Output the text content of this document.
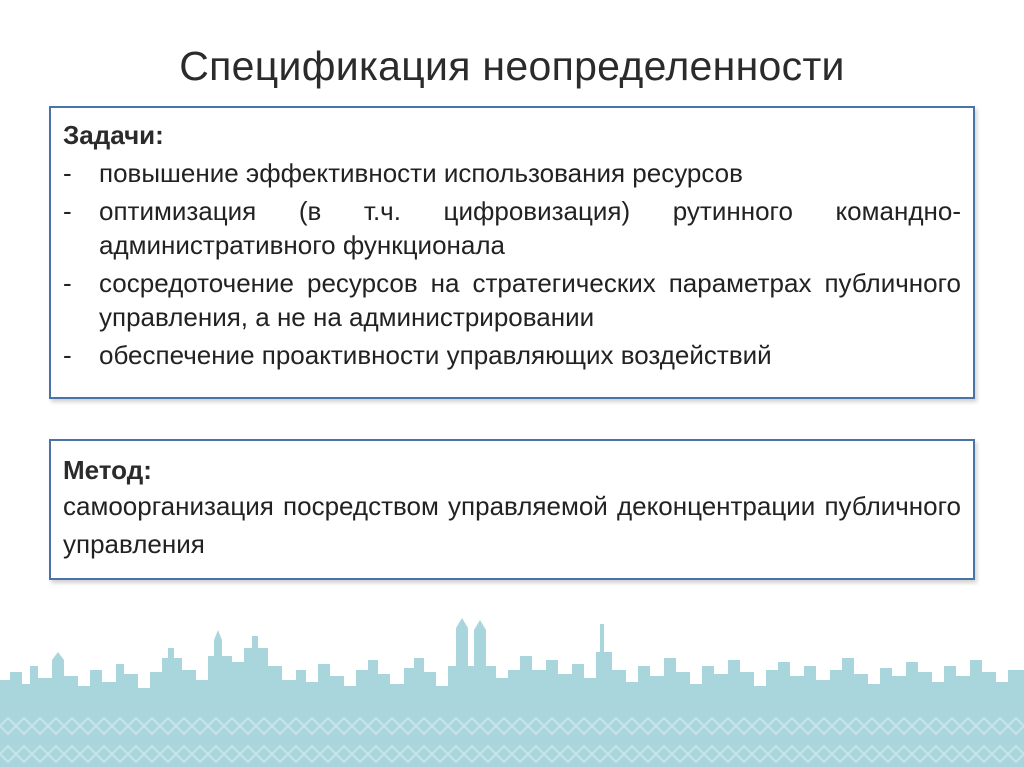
Спецификация неопределенности
Задачи:
- повышение эффективности использования ресурсов
- оптимизация (в т.ч. цифровизация) рутинного командно-административного функционала
- сосредоточение ресурсов на стратегических параметрах публичного управления, а не на администрировании
- обеспечение проактивности управляющих воздействий
Метод:
самоорганизация посредством управляемой деконцентрации публичного управления
